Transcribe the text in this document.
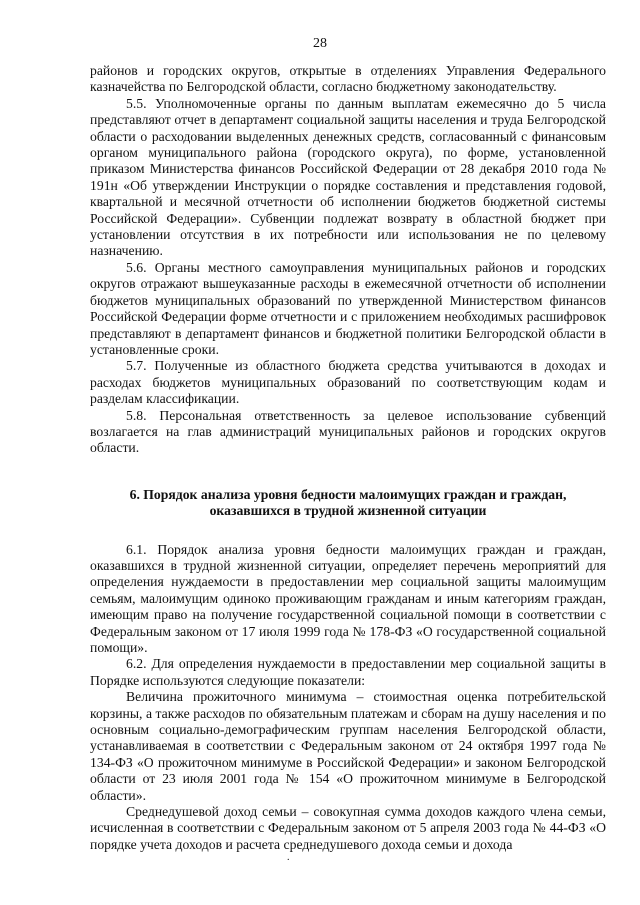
28

районов и городских округов, открытые в отделениях Управления Федерального казначейства по Белгородской области, согласно бюджетному законодательству.

5.5. Уполномоченные органы по данным выплатам ежемесячно до 5 числа представляют отчет в департамент социальной защиты населения и труда Белгородской области о расходовании выделенных денежных средств, согласованный с финансовым органом муниципального района (городского округа), по форме, установленной приказом Министерства финансов Российской Федерации от 28 декабря 2010 года № 191н «Об утверждении Инструкции о порядке составления и представления годовой, квартальной и месячной отчетности об исполнении бюджетов бюджетной системы Российской Федерации». Субвенции подлежат возврату в областной бюджет при установлении отсутствия в их потребности или использования не по целевому назначению.

5.6. Органы местного самоуправления муниципальных районов и городских округов отражают вышеуказанные расходы в ежемесячной отчетности об исполнении бюджетов муниципальных образований по утвержденной Министерством финансов Российской Федерации форме отчетности и с приложением необходимых расшифровок представляют в департамент финансов и бюджетной политики Белгородской области в установленные сроки.

5.7. Полученные из областного бюджета средства учитываются в доходах и расходах бюджетов муниципальных образований по соответствующим кодам и разделам классификации.

5.8. Персональная ответственность за целевое использование субвенций возлагается на глав администраций муниципальных районов и городских округов области.

6. Порядок анализа уровня бедности малоимущих граждан и граждан,
оказавшихся в трудной жизненной ситуации

6.1. Порядок анализа уровня бедности малоимущих граждан и граждан, оказавшихся в трудной жизненной ситуации, определяет перечень мероприятий для определения нуждаемости в предоставлении мер социальной защиты малоимущим семьям, малоимущим одиноко проживающим гражданам и иным категориям граждан, имеющим право на получение государственной социальной помощи в соответствии с Федеральным законом от 17 июля 1999 года № 178-ФЗ «О государственной социальной помощи».

6.2. Для определения нуждаемости в предоставлении мер социальной защиты в Порядке используются следующие показатели:

Величина прожиточного минимума – стоимостная оценка потребительской корзины, а также расходов по обязательным платежам и сборам на душу населения и по основным социально-демографическим группам населения Белгородской области, устанавливаемая в соответствии с Федеральным законом от 24 октября 1997 года № 134-ФЗ «О прожиточном минимуме в Российской Федерации» и законом Белгородской области от 23 июля 2001 года № 154 «О прожиточном минимуме в Белгородской области».

Среднедушевой доход семьи – совокупная сумма доходов каждого члена семьи, исчисленная в соответствии с Федеральным законом от 5 апреля 2003 года № 44-ФЗ «О порядке учета доходов и расчета среднедушевого дохода семьи и дохода

.
